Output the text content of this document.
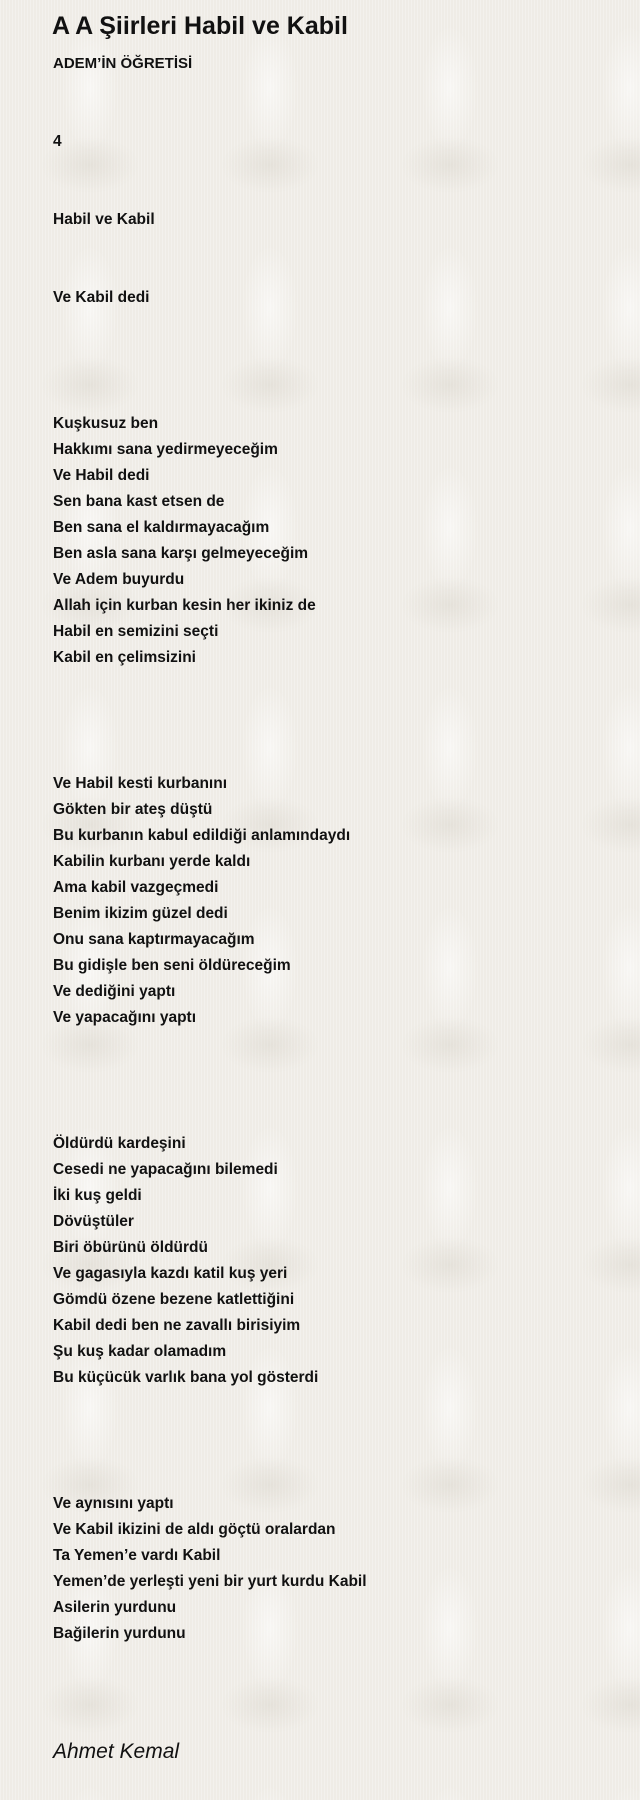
A A Şiirleri Habil ve Kabil
ADEM’İN ÖĞRETİSİ
4
Habil ve Kabil
Ve Kabil dedi
Kuşkusuz ben
Hakkımı sana yedirmeyeceğim
Ve Habil dedi
Sen bana kast etsen de
Ben sana el kaldırmayacağım
Ben asla sana karşı gelmeyeceğim
Ve Adem buyurdu
Allah için kurban kesin her ikiniz de
Habil en semizini seçti
Kabil en çelimsizini
Ve Habil kesti kurbanını
Gökten bir ateş düştü
Bu kurbanın kabul edildiği anlamındaydı
Kabilin kurbanı yerde kaldı
Ama kabil vazgeçmedi
Benim ikizim güzel dedi
Onu sana kaptırmayacağım
Bu gidişle ben seni öldüreceğim
Ve dediğini yaptı
Ve yapacağını yaptı
Öldürdü kardeşini
Cesedi ne yapacağını bilemedi
İki kuş geldi
Dövüştüler
Biri öbürünü öldürdü
Ve gagasıyla kazdı katil kuş yeri
Gömdü özene bezene katlettiğini
Kabil dedi ben ne zavallı birisiyim
Şu kuş kadar olamadım
Bu küçücük varlık bana yol gösterdi
Ve aynısını yaptı
Ve Kabil ikizini de aldı göçtü oralardan
Ta Yemen’e vardı Kabil
Yemen’de yerleşti yeni bir yurt kurdu Kabil
Asilerin yurdunu
Bağilerin yurdunu
Ahmet Kemal
